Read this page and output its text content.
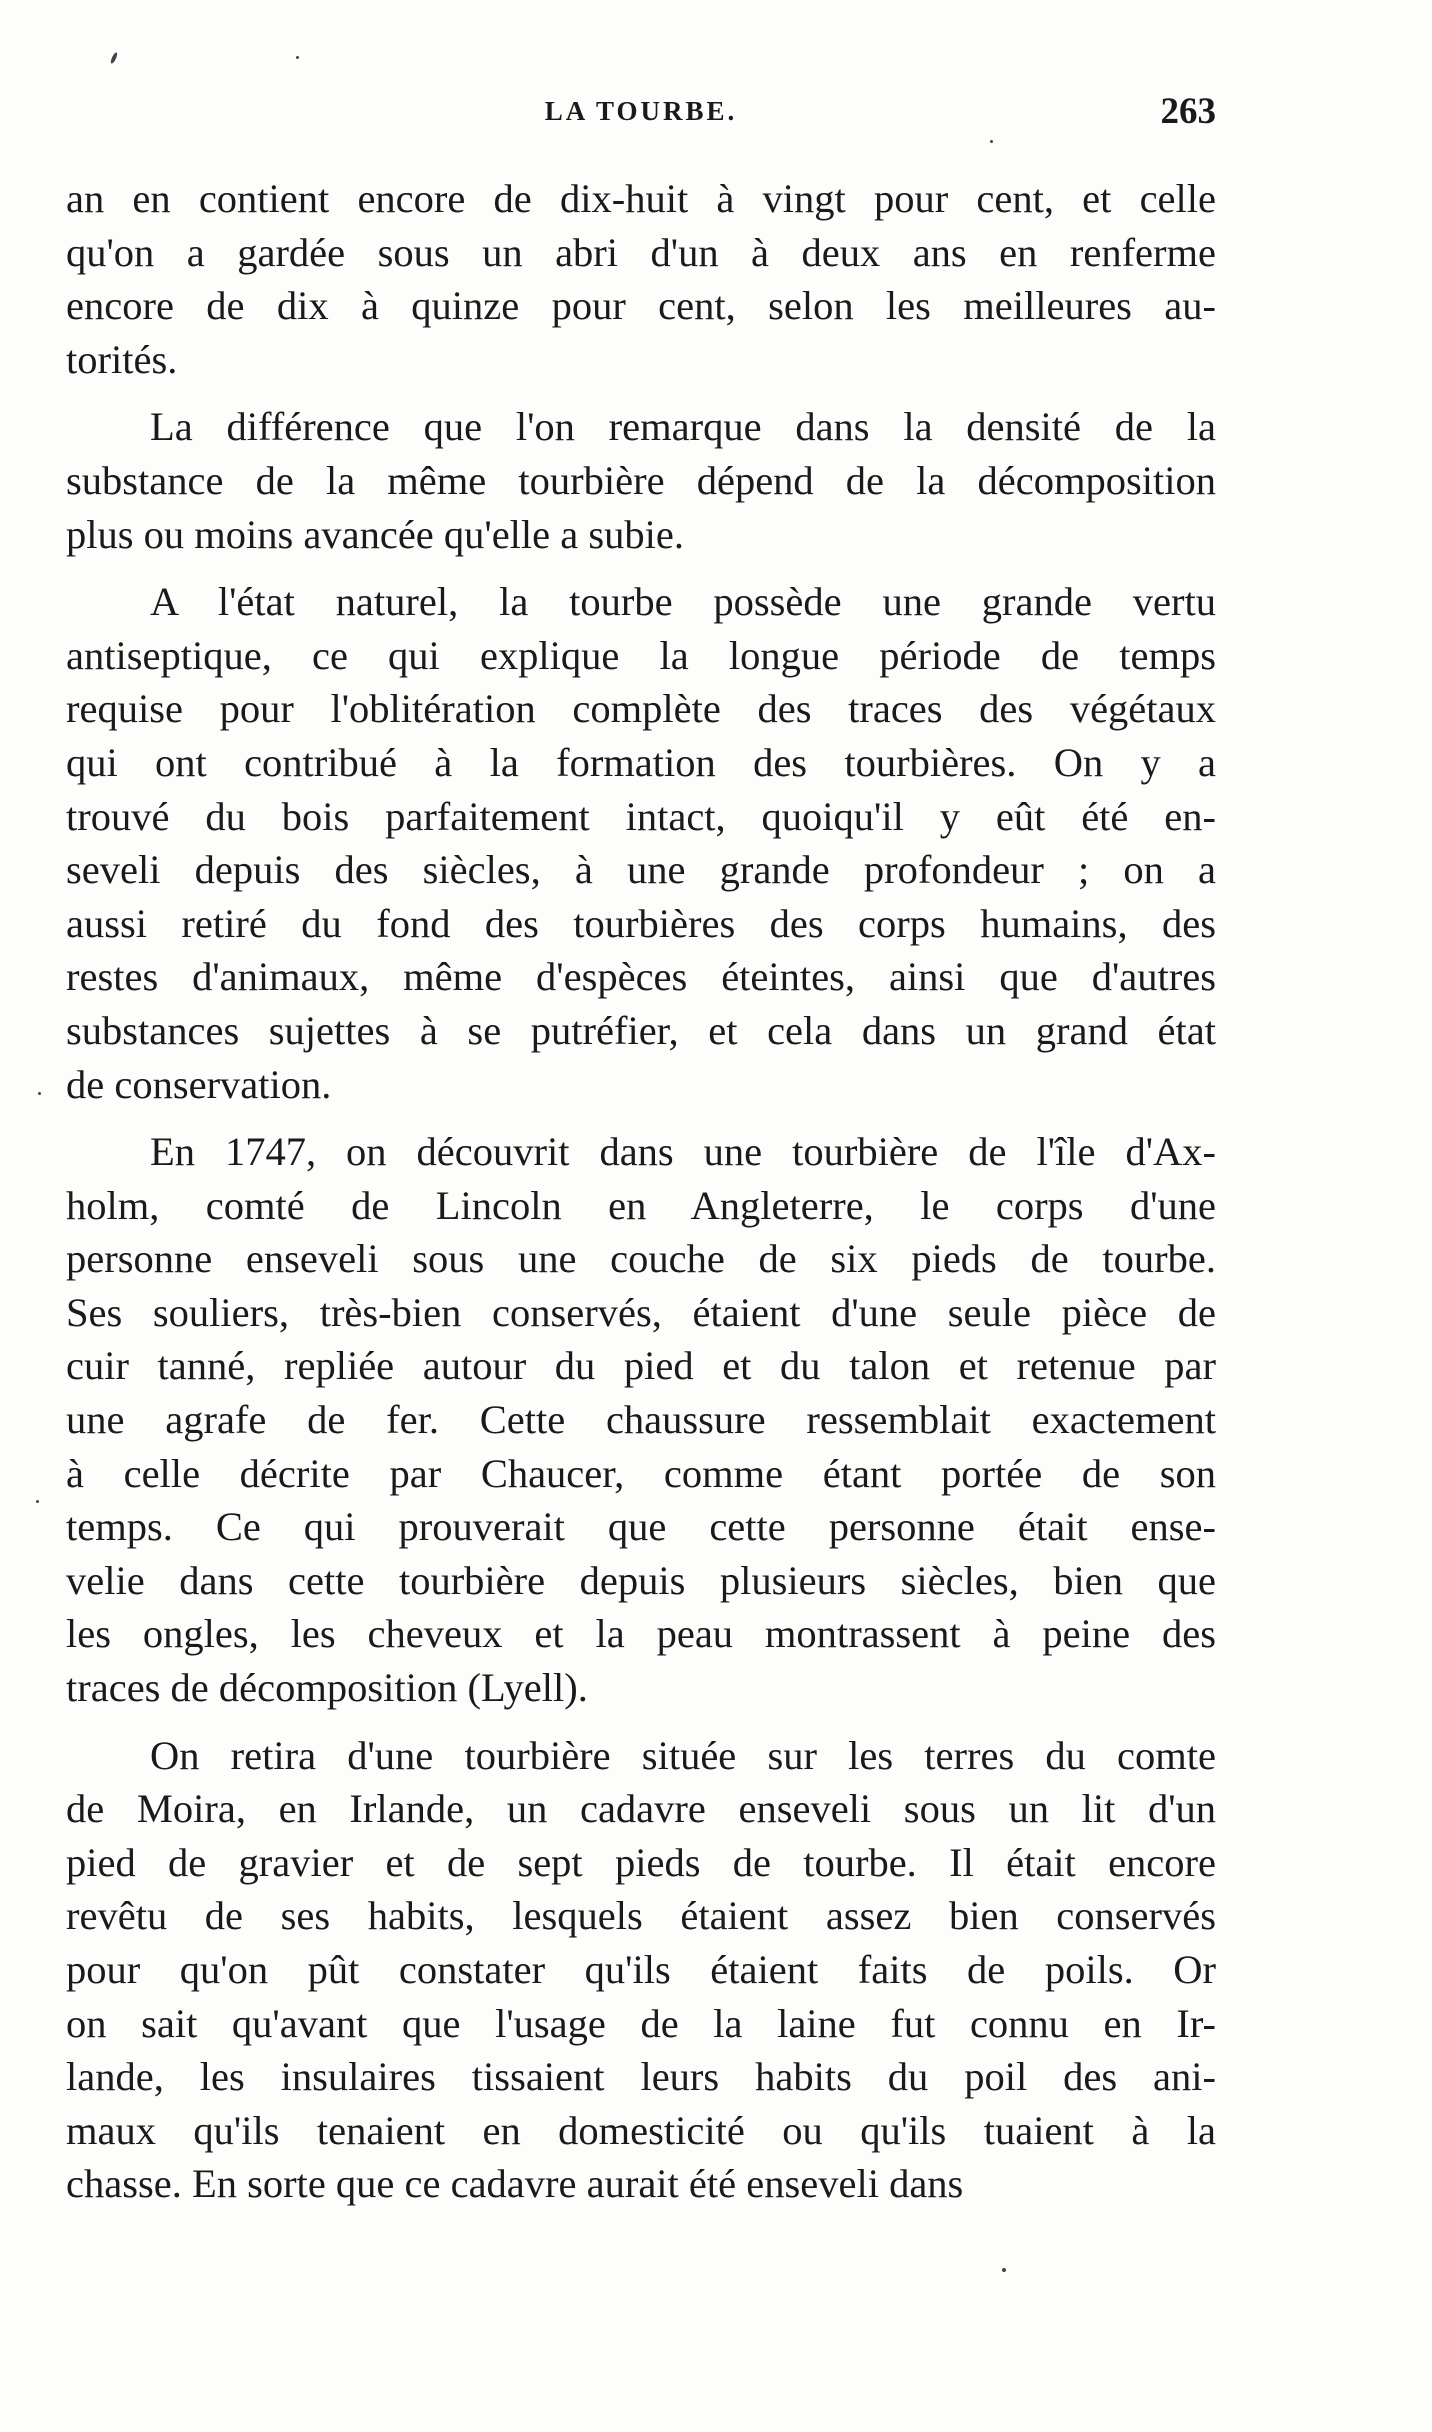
LA TOURBE.	263
an en contient encore de dix-huit à vingt pour cent, et celle
qu'on a gardée sous un abri d'un à deux ans en renferme
encore de dix à quinze pour cent, selon les meilleures au-
torités.
La différence que l'on remarque dans la densité de la
substance de la même tourbière dépend de la décomposition
plus ou moins avancée qu'elle a subie.
A l'état naturel, la tourbe possède une grande vertu
antiseptique, ce qui explique la longue période de temps
requise pour l'oblitération complète des traces des végétaux
qui ont contribué à la formation des tourbières. On y a
trouvé du bois parfaitement intact, quoiqu'il y eût été en-
seveli depuis des siècles, à une grande profondeur ; on a
aussi retiré du fond des tourbières des corps humains, des
restes d'animaux, même d'espèces éteintes, ainsi que d'autres
substances sujettes à se putréfier, et cela dans un grand état
de conservation.
En 1747, on découvrit dans une tourbière de l'île d'Ax-
holm, comté de Lincoln en Angleterre, le corps d'une
personne enseveli sous une couche de six pieds de tourbe.
Ses souliers, très-bien conservés, étaient d'une seule pièce de
cuir tanné, repliée autour du pied et du talon et retenue par
une agrafe de fer. Cette chaussure ressemblait exactement
à celle décrite par Chaucer, comme étant portée de son
temps. Ce qui prouverait que cette personne était ense-
velie dans cette tourbière depuis plusieurs siècles, bien que
les ongles, les cheveux et la peau montrassent à peine des
traces de décomposition (Lyell).
On retira d'une tourbière située sur les terres du comte
de Moira, en Irlande, un cadavre enseveli sous un lit d'un
pied de gravier et de sept pieds de tourbe. Il était encore
revêtu de ses habits, lesquels étaient assez bien conservés
pour qu'on pût constater qu'ils étaient faits de poils. Or
on sait qu'avant que l'usage de la laine fut connu en Ir-
lande, les insulaires tissaient leurs habits du poil des ani-
maux qu'ils tenaient en domesticité ou qu'ils tuaient à la
chasse. En sorte que ce cadavre aurait été enseveli dans
